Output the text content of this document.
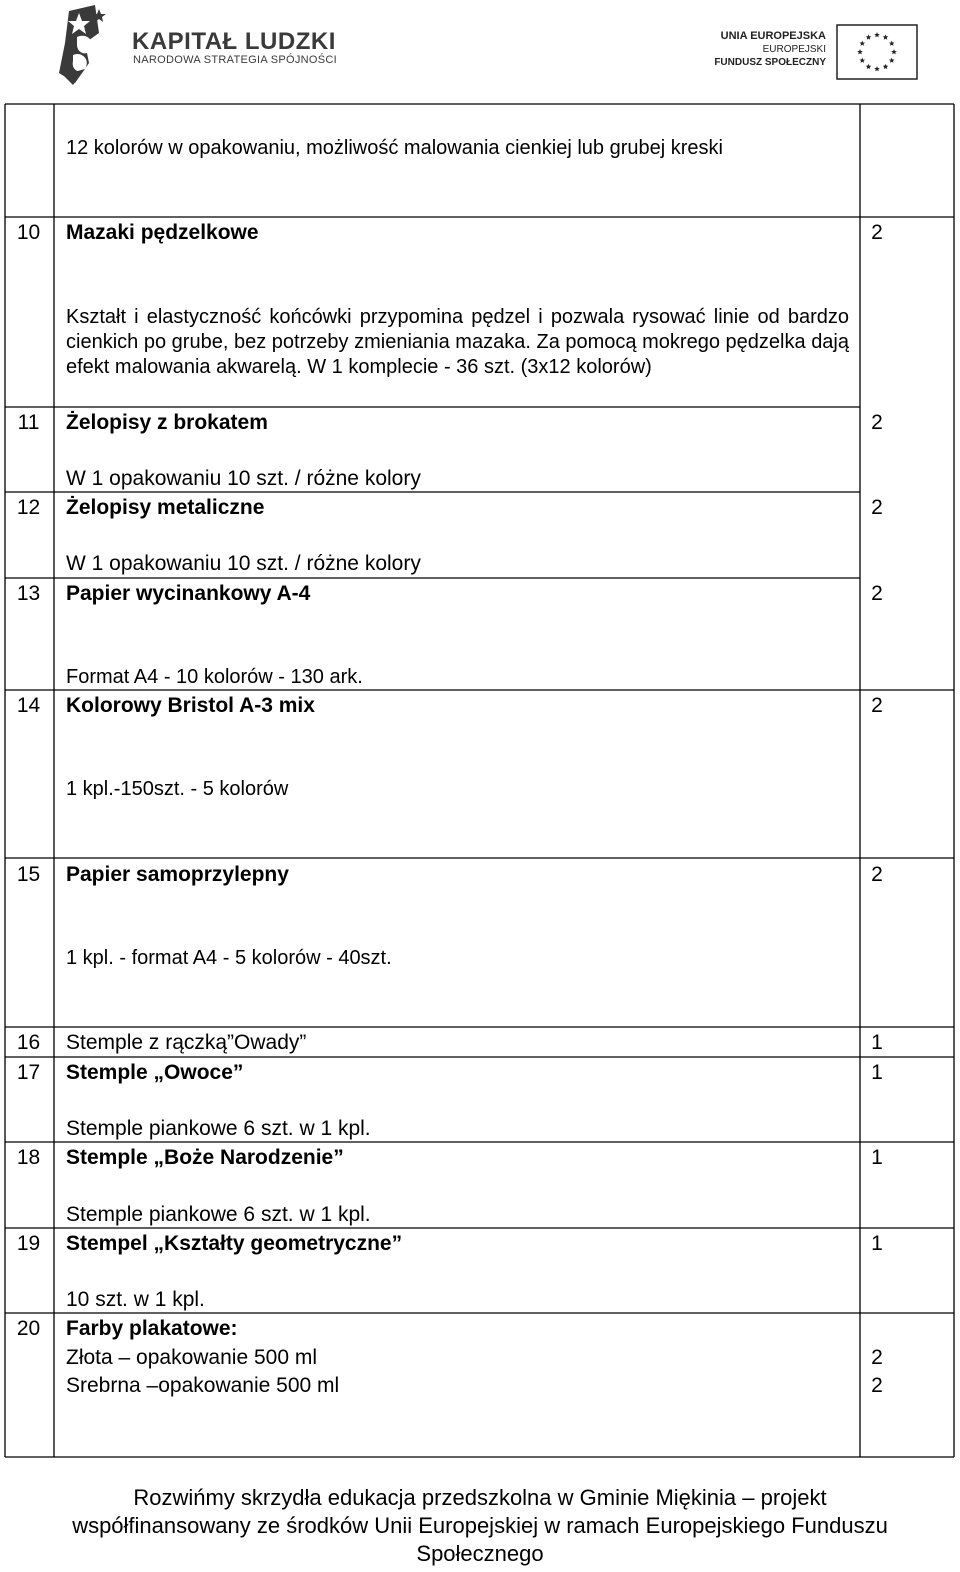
KAPITAŁ LUDZKI
NARODOWA STRATEGIA SPÓJNOŚCI
UNIA EUROPEJSKA
EUROPEJSKI
FUNDUSZ SPOŁECZNY
12 kolorów w opakowaniu, możliwość malowania cienkiej lub grubej kreski
10	Mazaki pędzelkowe	2
Kształt i elastyczność końcówki przypomina pędzel i pozwala rysować linie od bardzo cienkich po grube, bez potrzeby zmieniania mazaka. Za pomocą mokrego pędzelka dają efekt malowania akwarelą. W 1 komplecie - 36 szt. (3x12 kolorów)
11	Żelopisy z brokatem	2
W 1 opakowaniu 10 szt. / różne kolory
12	Żelopisy metaliczne	2
W 1 opakowaniu 10 szt. / różne kolory
13	Papier wycinankowy A-4	2
Format A4 - 10 kolorów - 130 ark.
14	Kolorowy Bristol A-3 mix	2
1 kpl.-150szt. - 5 kolorów
15	Papier samoprzylepny	2
1 kpl. - format A4 - 5 kolorów - 40szt.
16	Stemple z rączką”Owady”	1
17	Stemple „Owoce”	1
Stemple piankowe 6 szt. w 1 kpl.
18	Stemple „Boże Narodzenie”	1
Stemple piankowe 6 szt. w 1 kpl.
19	Stempel „Kształty geometryczne”	1
10 szt. w 1 kpl.
20	Farby plakatowe:
Złota – opakowanie 500 ml	2
Srebrna –opakowanie 500 ml	2
Rozwińmy skrzydła edukacja przedszkolna w Gminie Miękinia – projekt
współfinansowany ze środków Unii Europejskiej w ramach Europejskiego Funduszu
Społecznego
